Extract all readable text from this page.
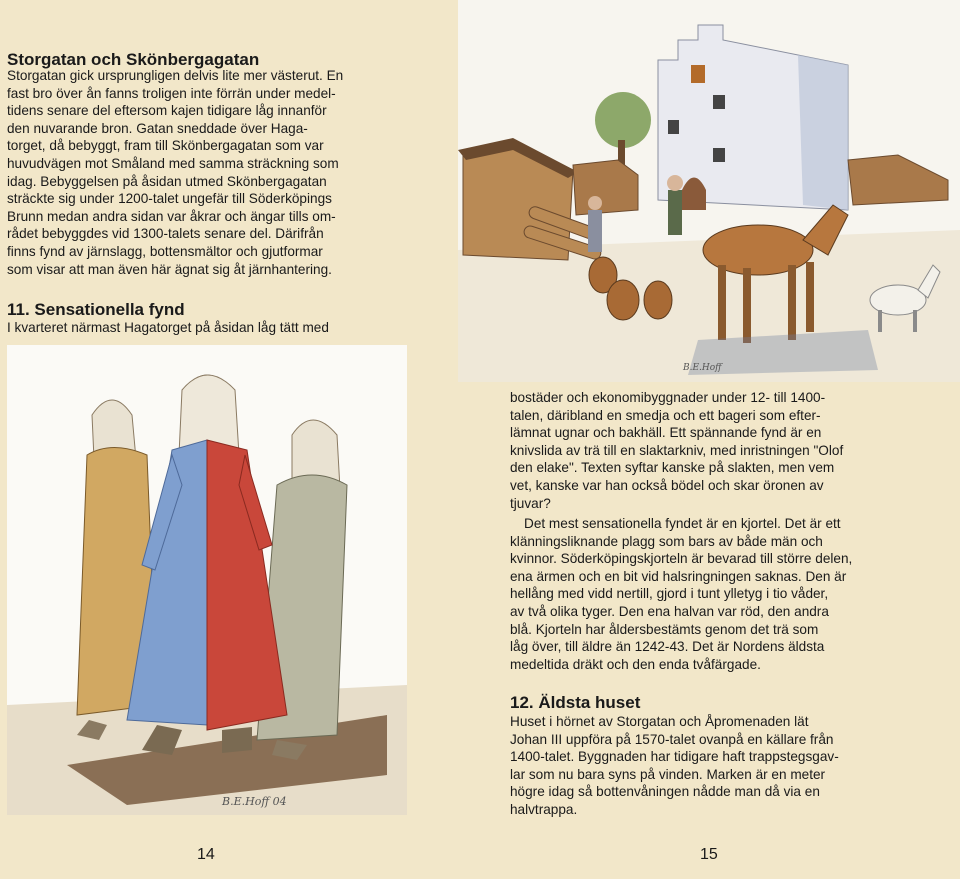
Storgatan och Skönbergagatan

Storgatan gick ursprungligen delvis lite mer västerut. En
fast bro över ån fanns troligen inte förrän under medel-
tidens senare del eftersom kajen tidigare låg innanför
den nuvarande bron. Gatan sneddade över Haga-
torget, då bebyggt, fram till Skönbergagatan som var
huvudvägen mot Småland med samma sträckning som
idag. Bebyggelsen på åsidan utmed Skönbergagatan
sträckte sig under 1200-talet ungefär till Söderköpings
Brunn medan andra sidan var åkrar och ängar tills om-
rådet bebyggdes vid 1300-talets senare del. Därifrån
finns fynd av järnslagg, bottensmältor och gjutformar
som visar att man även här ägnat sig åt järnhantering.

11. Sensationella fynd

I kvarteret närmast Hagatorget på åsidan låg tätt med

B.E.Hoff 04
14
B.E.Hoff

bostäder och ekonomibyggnader under 12- till 1400-
talen, däribland en smedja och ett bageri som efter-
lämnat ugnar och bakhäll. Ett spännande fynd är en
knivslida av trä till en slaktarkniv, med inristningen "Olof
den elake". Texten syftar kanske på slakten, men vem
vet, kanske var han också bödel och skar öronen av
tjuvar?

Det mest sensationella fyndet är en kjortel. Det är ett
klänningsliknande plagg som bars av både män och
kvinnor. Söderköpingskjorteln är bevarad till större delen,
ena ärmen och en bit vid halsringningen saknas. Den är
hellång med vidd nertill, gjord i tunt ylletyg i tio våder,
av två olika tyger. Den ena halvan var röd, den andra
blå. Kjorteln har åldersbestämts genom det trä som
låg över, till äldre än 1242-43. Det är Nordens äldsta
medeltida dräkt och den enda tvåfärgade.

12. Äldsta huset

Huset i hörnet av Storgatan och Åpromenaden lät
Johan III uppföra på 1570-talet ovanpå en källare från
1400-talet. Byggnaden har tidigare haft trappstegsgav-
lar som nu bara syns på vinden. Marken är en meter
högre idag så bottenvåningen nådde man då via en
halvtrappa.

15
